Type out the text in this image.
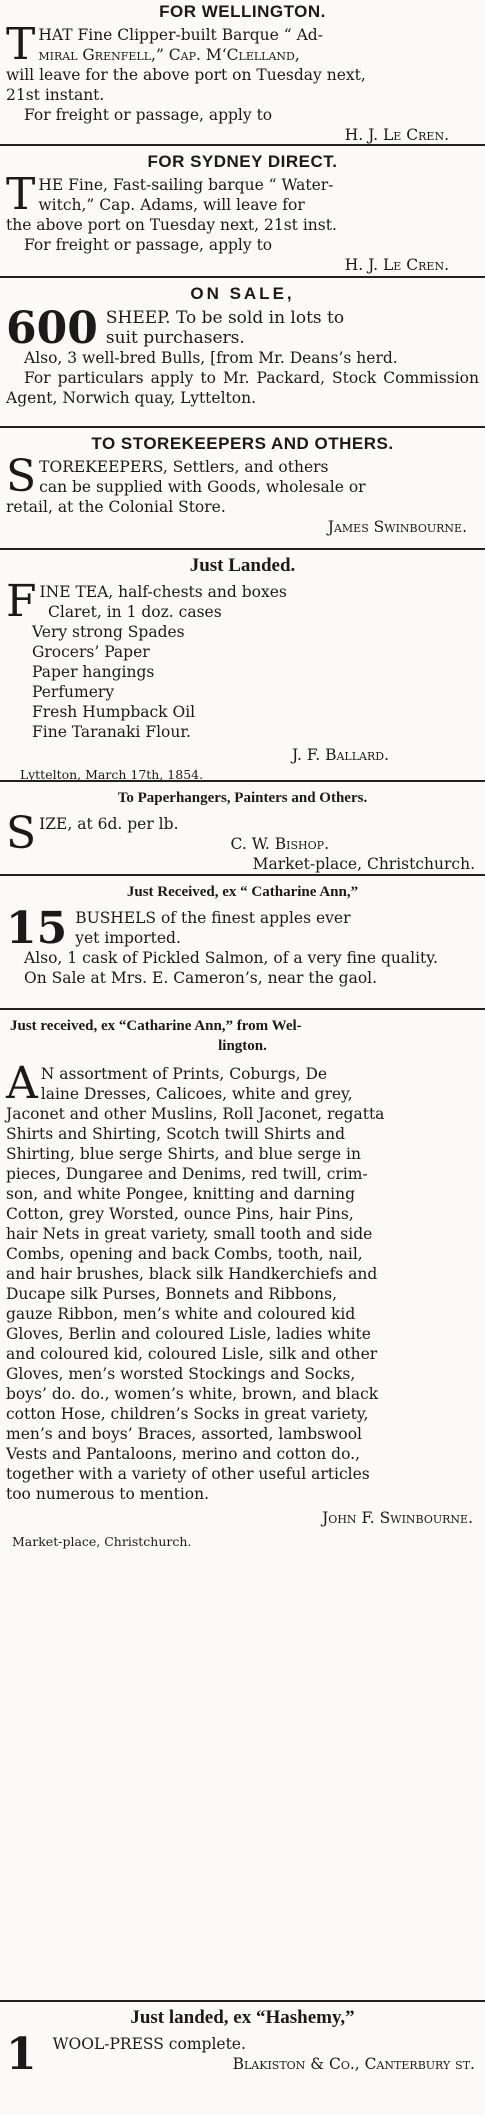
FOR WELLINGTON.
T HAT Fine Clipper-built Barque “ Ad-
miral Grenfell,” Cap. M‘Clelland,
will leave for the above port on Tuesday next,
21st instant.
For freight or passage, apply to
H. J. Le Cren.
FOR SYDNEY DIRECT.
T HE Fine, Fast-sailing barque “ Water-
witch,” Cap. Adams, will leave for
the above port on Tuesday next, 21st inst.
For freight or passage, apply to
H. J. Le Cren.
ON SALE,
600 SHEEP. To be sold in lots to
suit purchasers.
Also, 3 well-bred Bulls, [from Mr. Deans’s herd.
For particulars apply to Mr. Packard, Stock Commission Agent, Norwich quay, Lyttelton.
TO STOREKEEPERS AND OTHERS.
S TOREKEEPERS, Settlers, and others
can be supplied with Goods, wholesale or
retail, at the Colonial Store.
James Swinbourne.
Just Landed.
F INE TEA, half-chests and boxes
Claret, in 1 doz. cases
Very strong Spades
Grocers’ Paper
Paper hangings
Perfumery
Fresh Humpback Oil
Fine Taranaki Flour.
J. F. Ballard.
Lyttelton, March 17th, 1854.
To Paperhangers, Painters and Others.
S IZE, at 6d. per lb.
C. W. Bishop.
Market-place, Christchurch.
Just Received, ex “ Catharine Ann,”
15 BUSHELS of the finest apples ever
yet imported.
Also, 1 cask of Pickled Salmon, of a very fine quality.
On Sale at Mrs. E. Cameron’s, near the gaol.
Just received, ex “Catharine Ann,” from Wel-
lington.
A N assortment of Prints, Coburgs, De
laine Dresses, Calicoes, white and grey,
Jaconet and other Muslins, Roll Jaconet, regatta
Shirts and Shirting, Scotch twill Shirts and
Shirting, blue serge Shirts, and blue serge in
pieces, Dungaree and Denims, red twill, crim-
son, and white Pongee, knitting and darning
Cotton, grey Worsted, ounce Pins, hair Pins,
hair Nets in great variety, small tooth and side
Combs, opening and back Combs, tooth, nail,
and hair brushes, black silk Handkerchiefs and
Ducape silk Purses, Bonnets and Ribbons,
gauze Ribbon, men’s white and coloured kid
Gloves, Berlin and coloured Lisle, ladies white
and coloured kid, coloured Lisle, silk and other
Gloves, men’s worsted Stockings and Socks,
boys’ do. do., women’s white, brown, and black
cotton Hose, children’s Socks in great variety,
men’s and boys’ Braces, assorted, lambswool
Vests and Pantaloons, merino and cotton do.,
together with a variety of other useful articles
too numerous to mention.
John F. Swinbourne.
Market-place, Christchurch.
Just landed, ex “Hashemy,”
1	WOOL-PRESS complete.
Blakiston & Co., Canterbury st.
